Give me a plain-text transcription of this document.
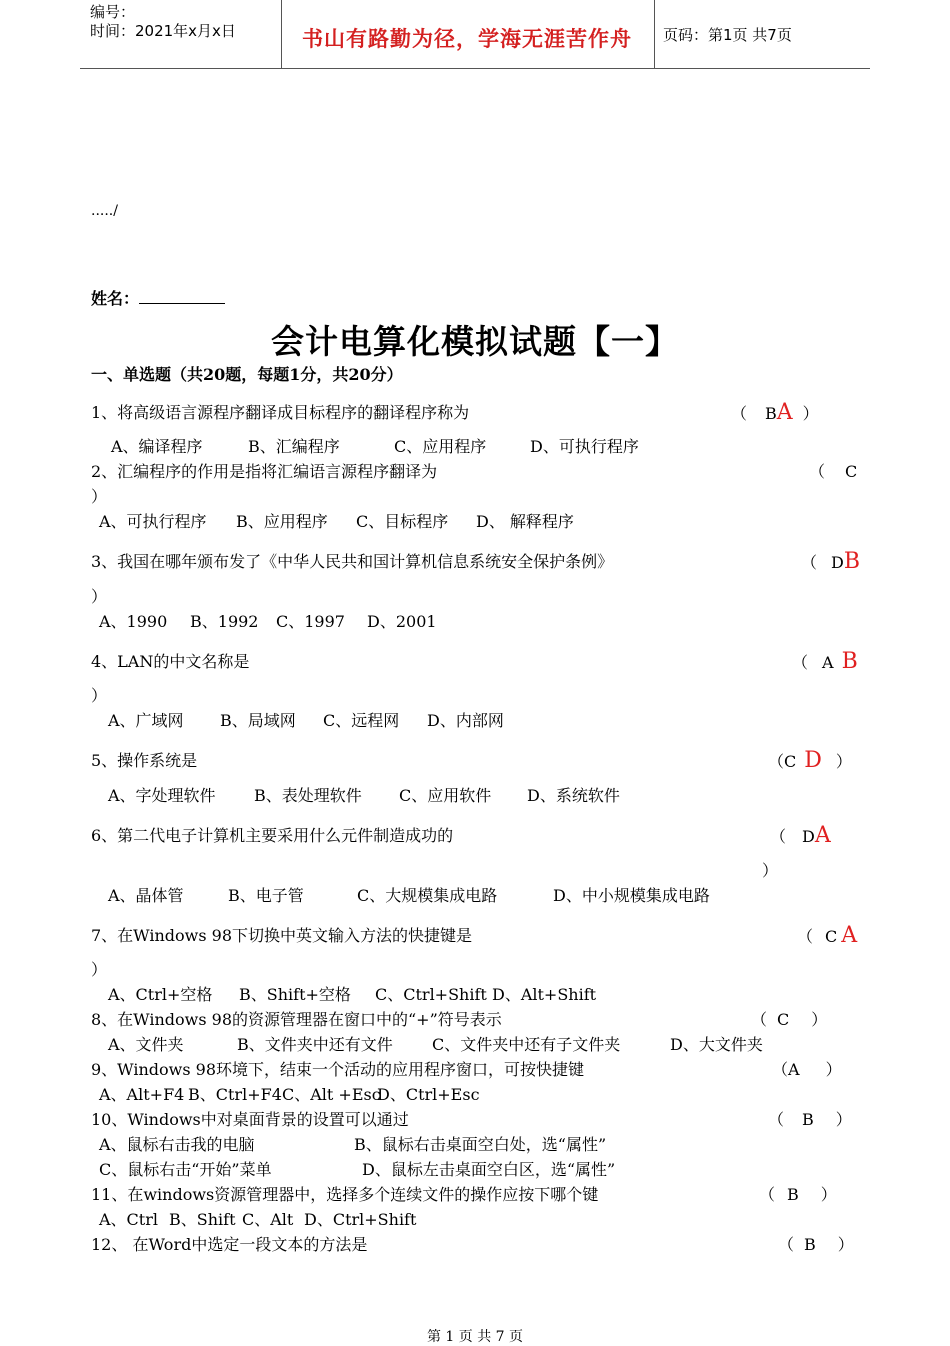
编号：
时间：2021年x月x日	书山有路勤为径，学海无涯苦作舟 页码：第1页 共7页
...../
姓名：
会计电算化模拟试题【一】
一、单选题（共20题，每题1分，共20分）
1、将高级语言源程序翻译成目标程序的翻译程序称为	（ BA ）
A、编译程序	B、汇编程序	C、应用程序	D、可执行程序
2、汇编程序的作用是指将汇编语言源程序翻译为	（ C
）
A、可执行程序 B、应用程序 C、目标程序 D、 解释程序
3、我国在哪年颁布发了《中华人民共和国计算机信息系统安全保护条例》	（ DB
）
A、1990 B、1992 C、1997 D、2001
4、LAN的中文名称是	（ A B
）
A、广域网 B、局域网 C、远程网 D、内部网
5、操作系统是	（C D ）
A、字处理软件 B、表处理软件 C、应用软件 D、系统软件
6、第二代电子计算机主要采用什么元件制造成功的	（ DA
）
A、晶体管	B、电子管	C、大规模集成电路	D、中小规模集成电路
7、在Windows 98下切换中英文输入方法的快捷键是	（ C A
）
A、Ctrl+空格 B、Shift+空格 C、Ctrl+Shift D、Alt+Shift
8、在Windows 98的资源管理器在窗口中的“+”符号表示	（ C ）
A、文件夹	B、文件夹中还有文件 C、文件夹中还有子文件夹	D、大文件夹
9、Windows 98环境下，结束一个活动的应用程序窗口，可按快捷键	（A ）
A、Alt+F4 B、Ctrl+F4 C、Alt +Esc
D、Ctrl+Esc
10、Windows中对桌面背景的设置可以通过	（ B ）
A、鼠标右击我的电脑	B、鼠标右击桌面空白处，选“属性”
C、鼠标右击“开始”菜单	D、鼠标左击桌面空白区，选“属性”
11、在windows资源管理器中，选择多个连续文件的操作应按下哪个键	（ B ）
A、Ctrl B、Shift C、Alt D、Ctrl+Shift
12、 在Word中选定一段文本的方法是	（ B ）
第 1 页 共 7 页
